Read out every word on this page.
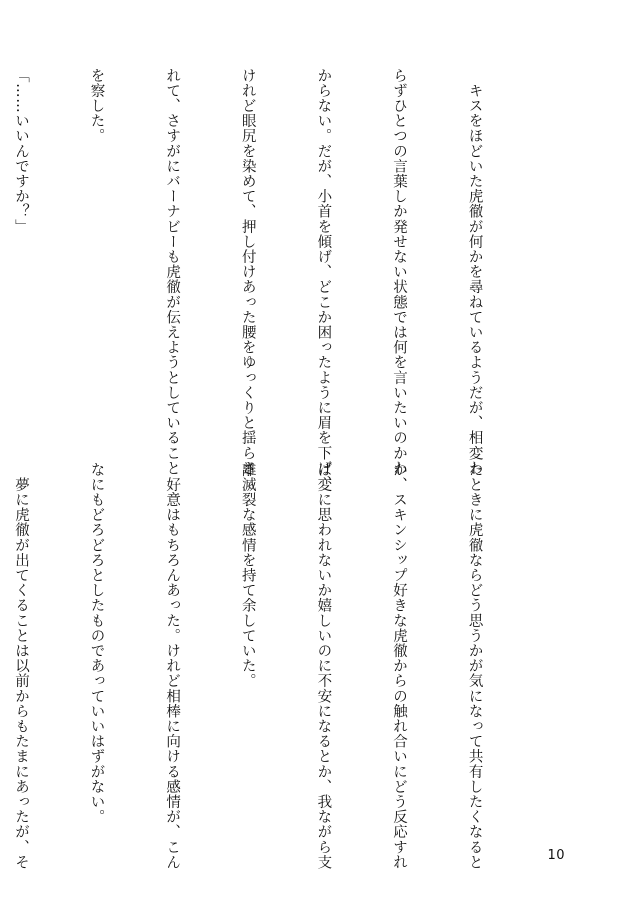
　キスをほどいた虎徹が何かを尋ねているようだが、相変わ

らずひとつの言葉しか発せない状態では何を言いたいのかわ

からない。だが、小首を傾げ、どこか困ったように眉を下げ、

けれど眼尻を染めて、押し付けあった腰をゆっくりと揺らさ

れて、さすがにバーナビーも虎徹が伝えようとしていること

を察した。

「……いいんですか？」

たときに虎徹ならどう思うかが気になって共有したくなると

か、スキンシップ好きな虎徹からの触れ合いにどう反応すれ

ば変に思われないか嬉しいのに不安になるとか、我ながら支

離滅裂な感情を持て余していた。

　好意はもちろんあった。けれど相棒に向ける感情が、こん

なにもどろどろとしたものであっていいはずがない。

　夢に虎徹が出てくることは以前からもたまにあったが、そ

	10
